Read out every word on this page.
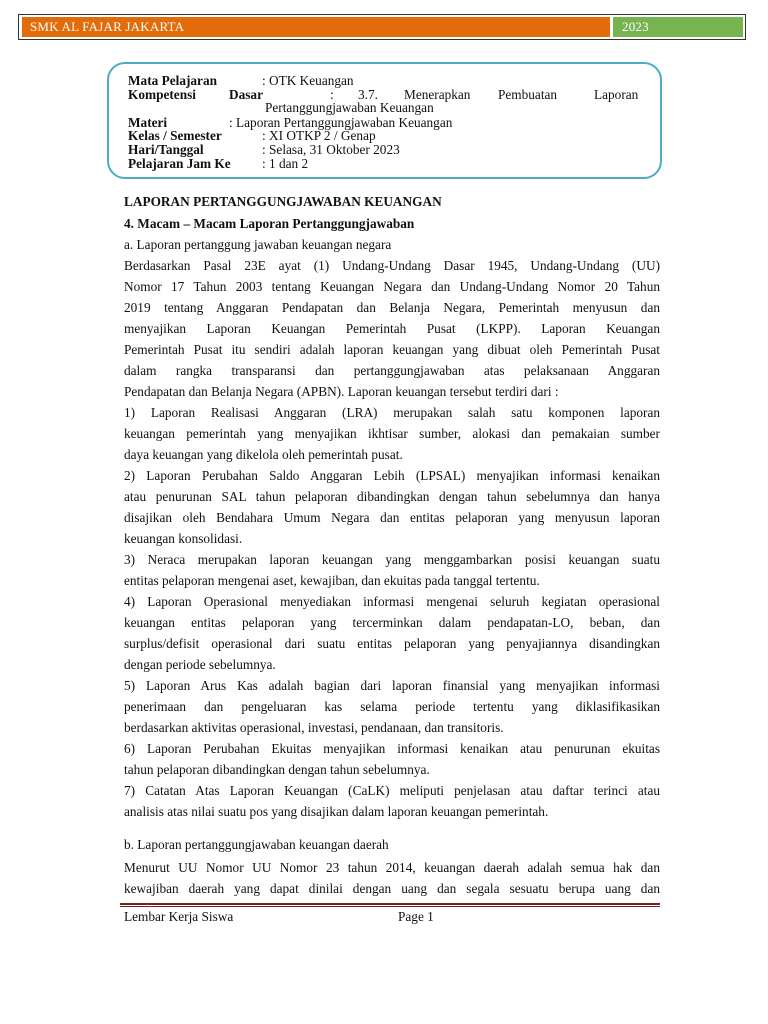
SMK AL FAJAR JAKARTA	2023
Mata Pelajaran	: OTK Keuangan
Kompetensi Dasar	: 3.7. Menerapkan Pembuatan	Laporan
Pertanggungjawaban Keuangan
Materi	: Laporan Pertanggungjawaban Keuangan
Kelas / Semester	: XI OTKP 2 / Genap
Hari/Tanggal	: Selasa, 31 Oktober 2023
Pelajaran Jam Ke : 1 dan 2
LAPORAN PERTANGGUNGJAWABAN KEUANGAN
4. Macam – Macam Laporan Pertanggungjawaban
a. Laporan pertanggung jawaban keuangan negara
Berdasarkan Pasal 23E ayat (1) Undang-Undang Dasar 1945, Undang-Undang (UU)
Nomor 17 Tahun 2003 tentang Keuangan Negara dan Undang-Undang Nomor 20 Tahun
2019 tentang Anggaran Pendapatan dan Belanja Negara, Pemerintah menyusun dan
menyajikan Laporan Keuangan Pemerintah Pusat (LKPP). Laporan Keuangan
Pemerintah Pusat itu sendiri adalah laporan keuangan yang dibuat oleh Pemerintah Pusat
dalam rangka transparansi dan pertanggungjawaban atas pelaksanaan Anggaran
Pendapatan dan Belanja Negara (APBN). Laporan keuangan tersebut terdiri dari :
1) Laporan Realisasi Anggaran (LRA) merupakan salah satu komponen laporan
keuangan pemerintah yang menyajikan ikhtisar sumber, alokasi dan pemakaian sumber
daya keuangan yang dikelola oleh pemerintah pusat.
2) Laporan Perubahan Saldo Anggaran Lebih (LPSAL) menyajikan informasi kenaikan
atau penurunan SAL tahun pelaporan dibandingkan dengan tahun sebelumnya dan hanya
disajikan oleh Bendahara Umum Negara dan entitas pelaporan yang menyusun laporan
keuangan konsolidasi.
3) Neraca merupakan laporan keuangan yang menggambarkan posisi keuangan suatu
entitas pelaporan mengenai aset, kewajiban, dan ekuitas pada tanggal tertentu.
4) Laporan Operasional menyediakan informasi mengenai seluruh kegiatan operasional
keuangan entitas pelaporan yang tercerminkan dalam pendapatan-LO, beban, dan
surplus/defisit operasional dari suatu entitas pelaporan yang penyajiannya disandingkan
dengan periode sebelumnya.
5) Laporan Arus Kas adalah bagian dari laporan finansial yang menyajikan informasi
penerimaan dan pengeluaran kas selama periode tertentu yang diklasifikasikan
berdasarkan aktivitas operasional, investasi, pendanaan, dan transitoris.
6) Laporan Perubahan Ekuitas menyajikan informasi kenaikan atau penurunan ekuitas
tahun pelaporan dibandingkan dengan tahun sebelumnya.
7) Catatan Atas Laporan Keuangan (CaLK) meliputi penjelasan atau daftar terinci atau
analisis atas nilai suatu pos yang disajikan dalam laporan keuangan pemerintah.
b. Laporan pertanggungjawaban keuangan daerah
Menurut UU Nomor UU Nomor 23 tahun 2014, keuangan daerah adalah semua hak dan
kewajiban daerah yang dapat dinilai dengan uang dan segala sesuatu berupa uang dan
Lembar Kerja Siswa	Page 1
